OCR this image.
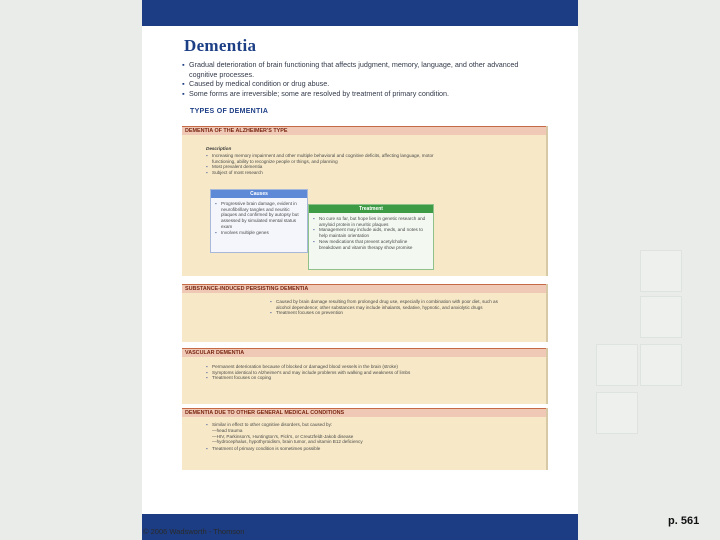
Dementia
▪ Gradual deterioration of brain functioning that affects judgment, memory, language, and other advanced cognitive processes.
▪ Caused by medical condition or drug abuse.
▪ Some forms are irreversible; some are resolved by treatment of primary condition.
TYPES OF DEMENTIA
DEMENTIA OF THE ALZHEIMER'S TYPE
Description
▪ Increasing memory impairment and other multiple behavioral and cognitive deficits, affecting language, motor functioning, ability to recognize people or things, and planning
▪ Most prevalent dementia
▪ Subject of most research
Causes
▪ Progressive brain damage, evident in neurofibrillary tangles and neuritic plaques and confirmed by autopsy but assessed by simulated mental status exam
▪ Involves multiple genes
Treatment
▪ No cure so far, but hope lies in genetic research and amyloid protein in neuritic plaques
▪ Management may include aids, meds, and notes to help maintain orientation
▪ New medications that prevent acetylcholine breakdown and vitamin therapy show promise
SUBSTANCE-INDUCED PERSISTING DEMENTIA
▪ Caused by brain damage resulting from prolonged drug use, especially in combination with poor diet, such as alcohol dependence; other substances may include inhalants, sedative, hypnotic, and anxiolytic drugs
▪ Treatment focuses on prevention
VASCULAR DEMENTIA
▪ Permanent deterioration because of blocked or damaged blood vessels in the brain (stroke)
▪ Symptoms identical to Alzheimer's and may include problems with walking and weakness of limbs
▪ Treatment focuses on coping
DEMENTIA DUE TO OTHER GENERAL MEDICAL CONDITIONS
▪ Similar in effect to other cognitive disorders, but caused by:
—head trauma
—HIV, Parkinson's, Huntington's, Pick's, or Creutzfeldt-Jakob disease
—hydrocephalus, hypothyroidism, brain tumor, and vitamin B12 deficiency
▪ Treatment of primary condition is sometimes possible
© 2006 Wadsworth - Thomson
p. 561
